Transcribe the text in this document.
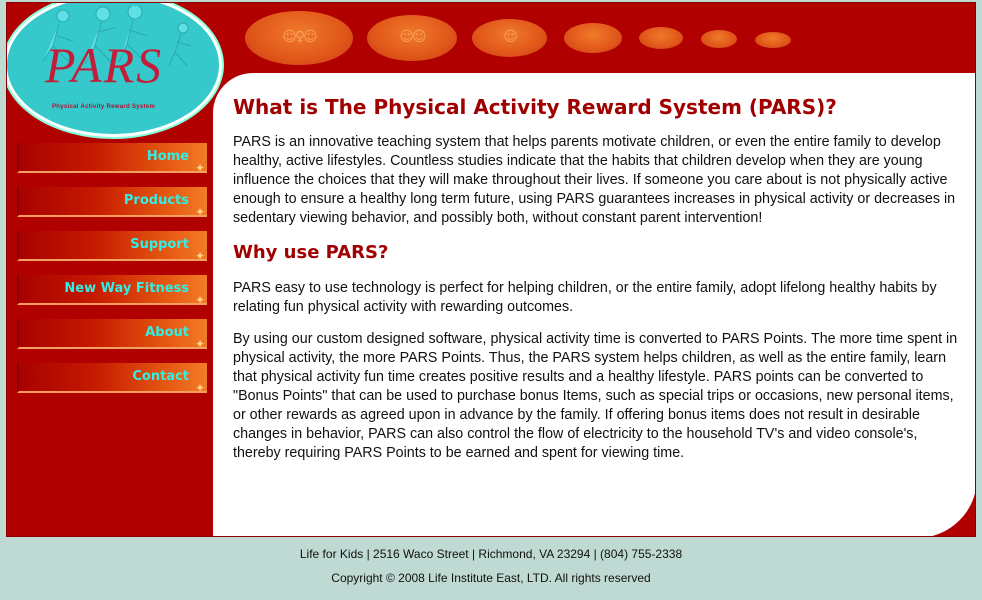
☺♀☺	☺☺	☺
PARS
Physical Activity Reward System
Home
✦
Products
✦
Support
✦
New Way Fitness
✦
About
✦
Contact
✦
What is The Physical Activity Reward System (PARS)?

PARS is an innovative teaching system that helps parents motivate children, or even the entire family to develop healthy, active lifestyles. Countless studies indicate that the habits that children develop when they are young influence the choices that they will make throughout their lives. If someone you care about is not physically active enough to ensure a healthy long term future, using PARS guarantees increases in physical activity or decreases in sedentary viewing behavior, and possibly both, without constant parent intervention!

Why use PARS?

PARS easy to use technology is perfect for helping children, or the entire family, adopt lifelong healthy habits by relating fun physical activity with rewarding outcomes.

By using our custom designed software, physical activity time is converted to PARS Points. The more time spent in physical activity, the more PARS Points. Thus, the PARS system helps children, as well as the entire family, learn that physical activity fun time creates positive results and a healthy lifestyle. PARS points can be converted to "Bonus Points" that can be used to purchase bonus Items, such as special trips or occasions, new personal items, or other rewards as agreed upon in advance by the family. If offering bonus items does not result in desirable changes in behavior, PARS can also control the flow of electricity to the household TV's and video console's, thereby requiring PARS Points to be earned and spent for viewing time.

Life for Kids | 2516 Waco Street | Richmond, VA 23294 | (804) 755-2338
Copyright © 2008 Life Institute East, LTD. All rights reserved
